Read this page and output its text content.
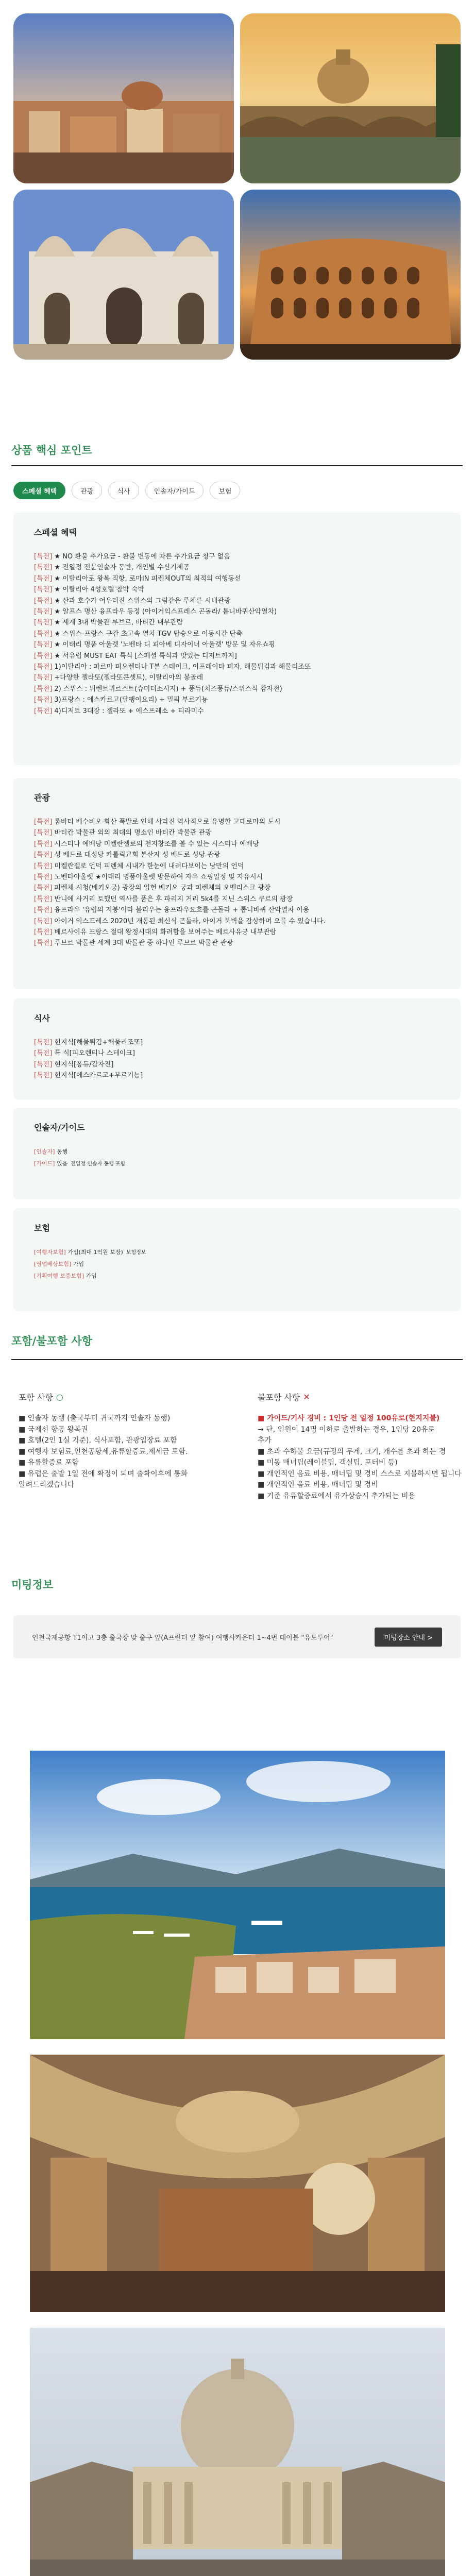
상품 핵심 포인트
스페셜 혜택	관광	식사	인솔자/가이드	보험
스페셜 혜택
[특전] ★ NO 환불 추가요금 - 환불 변동에 따른 추가요금 청구 없음
[특전] ★ 전일정 전문인솔자 동반, 개인별 수신기제공
[특전] ★ 이탈리아로 왕복 직항, 로마IN 피렌체OUT의 최적의 여행동선
[특전] ★ 이탈리아 4성호텔 참박 숙박
[특전] ★ 산과 호수가 어우러진 스위스의 그림같은 루체른 시내관광
[특전] ★ 알프스 명산 융프라우 등정 (아이거익스프레스 곤돌라/ 톱니바퀴산악열차)
[특전] ★ 세계 3대 박물관 루브르, 바티칸 내부관람
[특전] ★ 스위스-프랑스 구간 초고속 열차 TGV 탑승으로 이동시간 단축
[특전] ★ 이태리 명품 아울렛 '노벤타 디 피아베 디자이너 아울렛' 방문 및 자유쇼핑
[특전] ★ 서유럽 MUST EAT 특식 [스페셜 특식과 맛있는 디저트까지]
[특전] 1)이탈리아 : 파르마 피오렌티나 T본 스테이크, 이프레이타 피자, 해물튀김과 해물리조또
[특전] +다양한 젤라또(젤라또콘셋트), 이탈리아의 봉골레
[특전] 2) 스위스 : 뮈렌트뮈르스트(슈미터소시지) + 퐁듀(치즈퐁듀/스위스식 감자전)
[특전] 3)프랑스 : 에스카르고(달팽이요리) + 밀푀 부르기뇽
[특전] 4)디저트 3대장 : 젤라또 + 에스프레소 + 티라미수
관광
[특전] 롬바티 베수비오 화산 폭발로 인해 사라진 역사적으로 유명한 고대로마의 도시
[특전] 바티칸 박물관 외의 최대의 명소인 바티칸 박물관 관광
[특전] 시스티나 예배당 미켈란젤로의 천지창조를 볼 수 있는 시스티나 예배당
[특전] 성 베드로 대성당 카톨릭교회 본산지 성 베드로 성당 관광
[특전] 미켈란젤로 언덕 피렌체 시내가 한눈에 내려다보이는 낭만의 언덕
[특전] 노벤타아울렛 ★이태리 명품아울렛 방문하여 자유 쇼핑일정 및 자유시시
[특전] 피렌체 시청(베키오궁) 광장의 입헌 베키오 궁과 피렌체의 오벨리스크 광장
[특전] 반니에 사거리 토했던 역사를 품은 후 파리지 거리 5k4를 지닌 스위스 쿠르의 광장
[특전] 융프라우 '유럽의 지붕'이라 불리우는 융프라우요흐를 곤돌라 + 톱니바퀴 산악열차 이용
[특전] 아이거 익스프레스 2020년 개통된 최신식 곤돌라, 아이거 북벽을 감상하며 오를 수 있습니다.
[특전] 베르사이유 프랑스 절대 왕정시대의 화려함을 보여주는 베르사유궁 내부관람
[특전] 루브르 박물관 세계 3대 박물관 중 하나인 루브르 박물관 관광
식사
[특전] 현지식[해물튀김+해물리조또]
[특전] 특 식[피오렌티나 스테이크]
[특전] 현지식[퐁듀/감자전]
[특전] 현지식[에스카르고+부르기뇽]
인솔자/가이드
[인솔자] 동행
[가이드] 있음 전일정 인솔자 동행 포함
보험
[여행자보험] 가입(최대 1억원 보장) 보험정보
[영업배상보험] 가입
[기획여행 보증보험] 가입
포함/불포함 사항
포함 사항 ○
■ 인솔자 동행 (출국부터 귀국까지 인솔자 동행)
■ 국제선 항공 왕복권
■ 호텔(2인 1실 기준), 식사포함, 관광입장료 포함
■ 여행자 보험료,인천공항세,유류할증료,제세금 포함.
■ 유류할증료 포함
■ 유럽은 출발 1일 전에 확정이 되며 출확이후에 통화
알려드리겠습니다
불포함 사항 ✕
■ 가이드/기사 경비 : 1인당 전 일정 100유로(현지지불)
→ 단, 인원이 14명 이하로 출발하는 경우, 1인당 20유로
추가
■ 초과 수하물 요금(규정의 무게, 크기, 개수를 초과 하는 경
■ 미동 매너팁(레이블팁, 객실팁, 포터비 등)
■ 개인적인 음료 비용, 매너팁 및 경비 스스로 지불하시면 됩니다
■ 개인적인 음료 비용, 매너팁 및 경비
■ 기준 유류할증료에서 유가상승시 추가되는 비용
미팅정보
인천국제공항 T1이고 3층 출국장 맞 출구 앞(A프런터 앞 참여) 여행사카운터 1~4번 테이블 "유도투어"	미팅장소 안내 >
